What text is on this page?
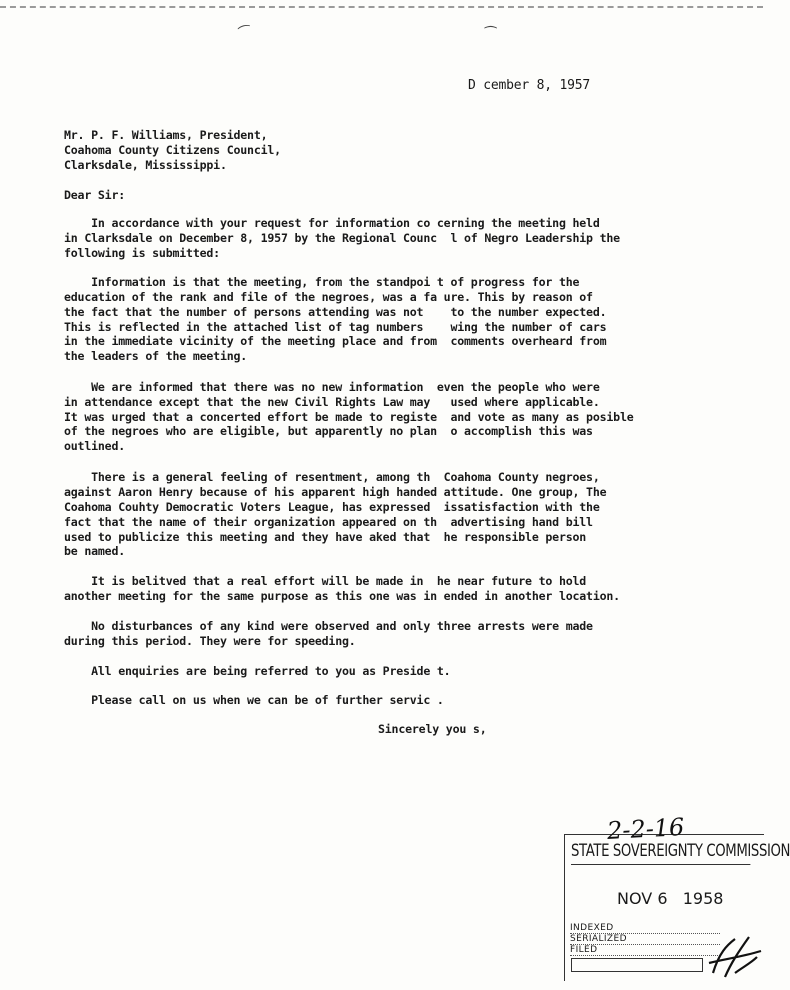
⁀	⁀
D cember 8, 1957
Mr. P. F. Williams, President,
Coahoma County Citizens Council,
Clarksdale, Mississippi.
Dear Sir:
In accordance with your request for information co cerning the meeting held
in Clarksdale on December 8, 1957 by the Regional Counc  l of Negro Leadership the
following is submitted:
Information is that the meeting, from the standpoi t of progress for the
education of the rank and file of the negroes, was a fa ure. This by reason of
the fact that the number of persons attending was not    to the number expected.
This is reflected in the attached list of tag numbers    wing the number of cars
in the immediate vicinity of the meeting place and from  comments overheard from
the leaders of the meeting.
We are informed that there was no new information  even the people who were
in attendance except that the new Civil Rights Law may   used where applicable.
It was urged that a concerted effort be made to registe  and vote as many as posible
of the negroes who are eligible, but apparently no plan  o accomplish this was
outlined.
There is a general feeling of resentment, among th  Coahoma County negroes,
against Aaron Henry because of his apparent high handed attitude. One group, The
Coahoma Couhty Democratic Voters League, has expressed  issatisfaction with the
fact that the name of their organization appeared on th  advertising hand bill
used to publicize this meeting and they have aked that  he responsible person
be named.
It is belitved that a real effort will be made in  he near future to hold
another meeting for the same purpose as this one was in ended in another location.
No disturbances of any kind were observed and only three arrests were made
during this period. They were for speeding.
All enquiries are being referred to you as Preside t.
Please call on us when we can be of further servic .
Sincerely you s,
2-2-16
STATE SOVEREIGNTY COMMISSION
NOV 6   1958
INDEXED
SERIALIZED
FILED
